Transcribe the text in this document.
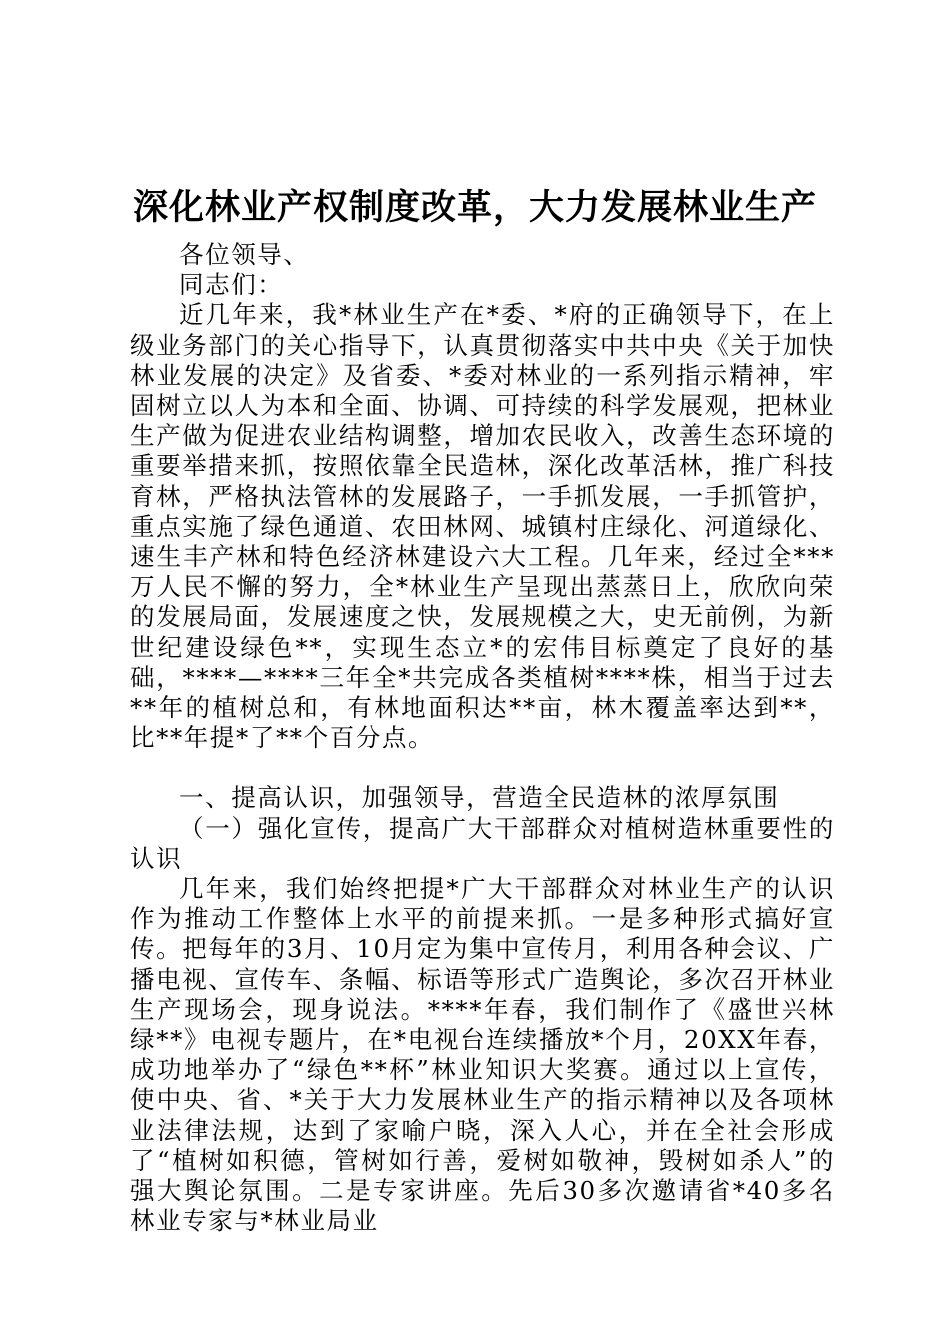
深化林业产权制度改革，大力发展林业生产

各位领导、

同志们：

近几年来，我*林业生产在*委、*府的正确领导下，在上级业务部门的关心指导下，认真贯彻落实中共中央《关于加快林业发展的决定》及省委、*委对林业的一系列指示精神，牢固树立以人为本和全面、协调、可持续的科学发展观，把林业生产做为促进农业结构调整，增加农民收入，改善生态环境的重要举措来抓，按照依靠全民造林，深化改革活林，推广科技育林，严格执法管林的发展路子，一手抓发展，一手抓管护，重点实施了绿色通道、农田林网、城镇村庄绿化、河道绿化、速生丰产林和特色经济林建设六大工程。几年来，经过全***万人民不懈的努力，全*林业生产呈现出蒸蒸日上，欣欣向荣的发展局面，发展速度之快，发展规模之大，史无前例，为新世纪建设绿色**，实现生态立*的宏伟目标奠定了良好的基础，****—****三年全*共完成各类植树****株，相当于过去**年的植树总和，有林地面积达**亩，林木覆盖率达到**，比**年提*了**个百分点。

一、提高认识，加强领导，营造全民造林的浓厚氛围

（一）强化宣传，提高广大干部群众对植树造林重要性的认识

几年来，我们始终把提*广大干部群众对林业生产的认识作为推动工作整体上水平的前提来抓。一是多种形式搞好宣传。把每年的3月、10月定为集中宣传月，利用各种会议、广播电视、宣传车、条幅、标语等形式广造舆论，多次召开林业生产现场会，现身说法。****年春，我们制作了《盛世兴林绿**》电视专题片，在*电视台连续播放*个月，20XX年春，成功地举办了“绿色**杯”林业知识大奖赛。通过以上宣传，使中央、省、*关于大力发展林业生产的指示精神以及各项林业法律法规，达到了家喻户晓，深入人心，并在全社会形成了“植树如积德，管树如行善，爱树如敬神，毁树如杀人”的强大舆论氛围。二是专家讲座。先后30多次邀请省*40多名林业专家与*林业局业
